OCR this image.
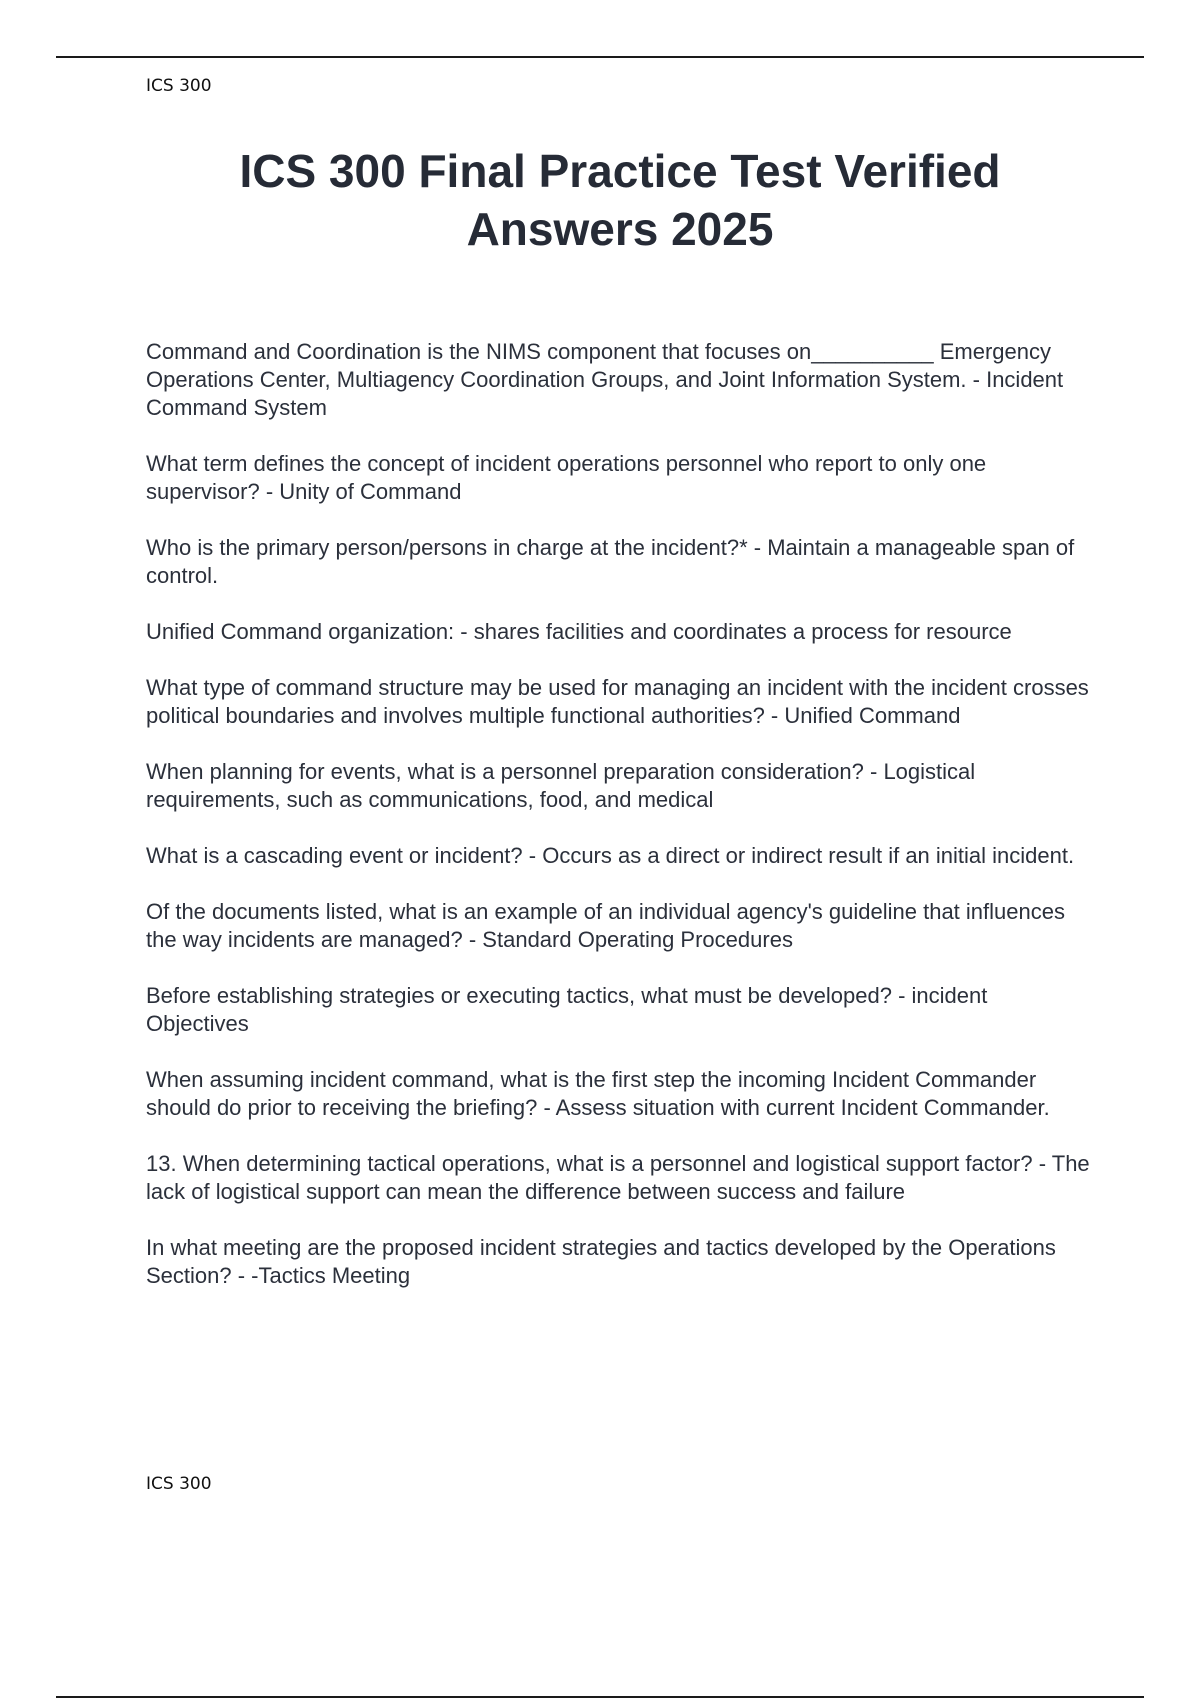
ICS 300
ICS 300 Final Practice Test Verified Answers 2025

Command and Coordination is the NIMS component that focuses on__________ Emergency Operations Center, Multiagency Coordination Groups, and Joint Information System. - Incident Command System

What term defines the concept of incident operations personnel who report to only one supervisor? - Unity of Command

Who is the primary person/persons in charge at the incident?* - Maintain a manageable span of control.

Unified Command organization: - shares facilities and coordinates a process for resource

What type of command structure may be used for managing an incident with the incident crosses political boundaries and involves multiple functional authorities? - Unified Command

When planning for events, what is a personnel preparation consideration? - Logistical requirements, such as communications, food, and medical

What is a cascading event or incident? - Occurs as a direct or indirect result if an initial incident.

Of the documents listed, what is an example of an individual agency's guideline that influences the way incidents are managed? - Standard Operating Procedures

Before establishing strategies or executing tactics, what must be developed? - incident Objectives

When assuming incident command, what is the first step the incoming Incident Commander should do prior to receiving the briefing? - Assess situation with current Incident Commander.

13. When determining tactical operations, what is a personnel and logistical support factor? - The lack of logistical support can mean the difference between success and failure

In what meeting are the proposed incident strategies and tactics developed by the Operations Section? - -Tactics Meeting

ICS 300
